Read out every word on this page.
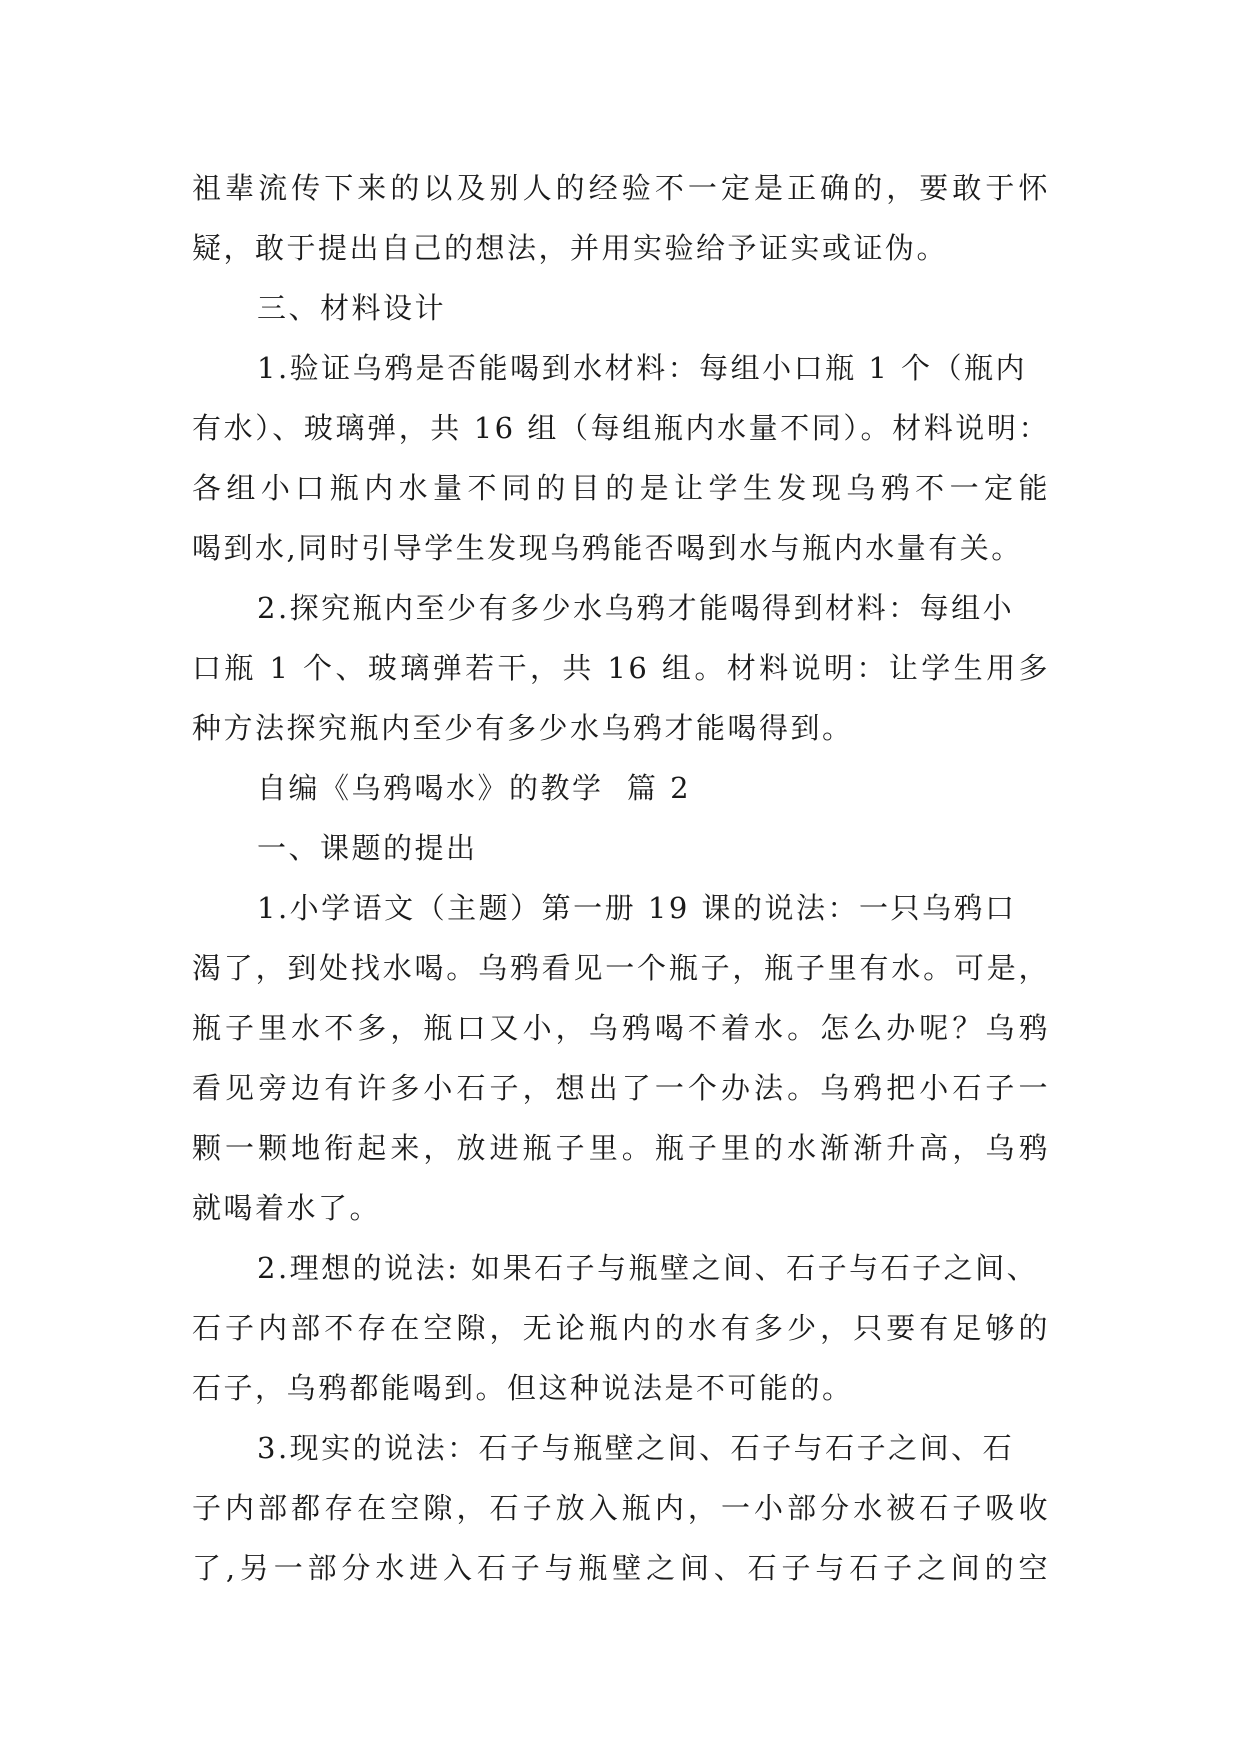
祖辈流传下来的以及别人的经验不一定是正确的，要敢于怀
疑，敢于提出自己的想法，并用实验给予证实或证伪。
三、材料设计
1.验证乌鸦是否能喝到水材料：每组小口瓶 1 个（瓶内
有水）、玻璃弹，共 16 组（每组瓶内水量不同）。材料说明：
各组小口瓶内水量不同的目的是让学生发现乌鸦不一定能
喝到水,同时引导学生发现乌鸦能否喝到水与瓶内水量有关。
2.探究瓶内至少有多少水乌鸦才能喝得到材料：每组小
口瓶 1 个、玻璃弹若干，共 16 组。材料说明：让学生用多
种方法探究瓶内至少有多少水乌鸦才能喝得到。
自编《乌鸦喝水》的教学  篇 2
一、课题的提出
1.小学语文（主题）第一册 19 课的说法：一只乌鸦口
渴了，到处找水喝。乌鸦看见一个瓶子，瓶子里有水。可是，
瓶子里水不多，瓶口又小，乌鸦喝不着水。怎么办呢？乌鸦
看见旁边有许多小石子，想出了一个办法。乌鸦把小石子一
颗一颗地衔起来，放进瓶子里。瓶子里的水渐渐升高，乌鸦
就喝着水了。
2.理想的说法: 如果石子与瓶壁之间、石子与石子之间、
石子内部不存在空隙，无论瓶内的水有多少，只要有足够的
石子，乌鸦都能喝到。但这种说法是不可能的。
3.现实的说法：石子与瓶壁之间、石子与石子之间、石
子内部都存在空隙，石子放入瓶内，一小部分水被石子吸收
了,另一部分水进入石子与瓶壁之间、石子与石子之间的空
